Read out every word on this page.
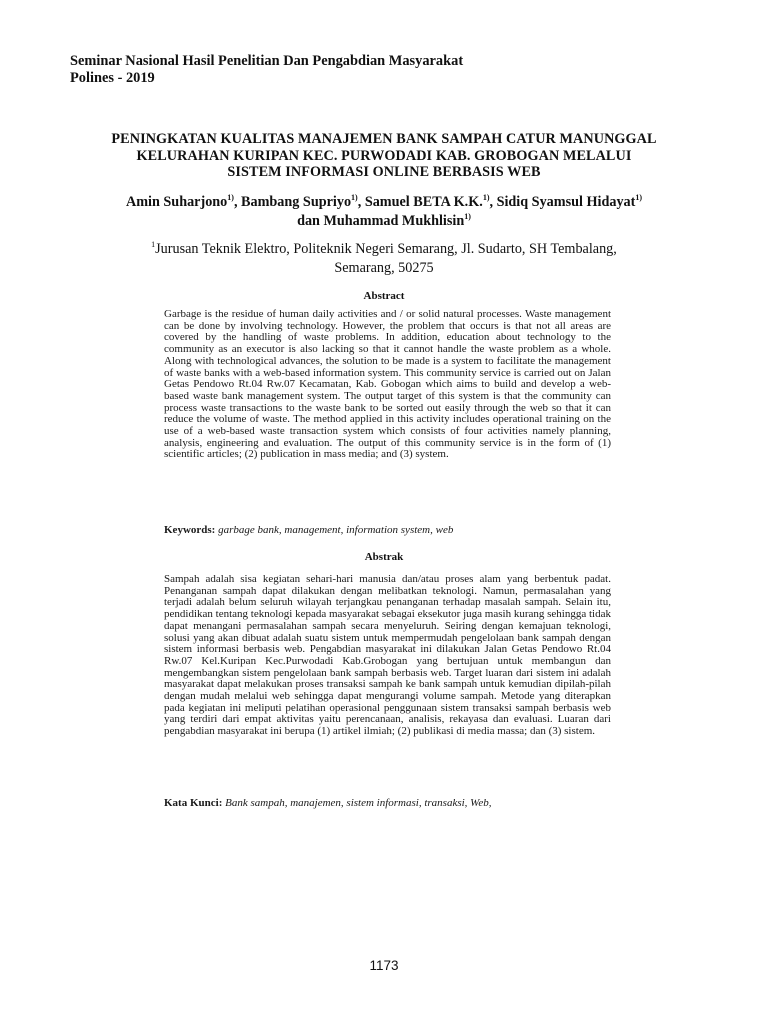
Seminar Nasional Hasil Penelitian Dan Pengabdian Masyarakat
Polines - 2019
PENINGKATAN KUALITAS MANAJEMEN BANK SAMPAH CATUR MANUNGGAL KELURAHAN KURIPAN KEC. PURWODADI KAB. GROBOGAN MELALUI SISTEM INFORMASI ONLINE BERBASIS WEB
Amin Suharjono$^{1)}$, Bambang Supriyo$^{1)}$, Samuel BETA K.K.$^{1)}$, Sidiq Syamsul Hidayat$^{1)}$ dan Muhammad Mukhlisin$^{1)}$
$^1$Jurusan Teknik Elektro, Politeknik Negeri Semarang, Jl. Sudarto, SH Tembalang, Semarang, 50275
Abstract

Garbage is the residue of human daily activities and / or solid natural processes. Waste management can be done by involving technology. However, the problem that occurs is that not all areas are covered by the handling of waste problems. In addition, education about technology to the community as an executor is also lacking so that it cannot handle the waste problem as a whole. Along with technological advances, the solution to be made is a system to facilitate the management of waste banks with a web-based information system. This community service is carried out on Jalan Getas Pendowo Rt.04 Rw.07 Kecamatan, Kab. Gobogan which aims to build and develop a web-based waste bank management system. The output target of this system is that the community can process waste transactions to the waste bank to be sorted out easily through the web so that it can reduce the volume of waste. The method applied in this activity includes operational training on the use of a web-based waste transaction system which consists of four activities namely planning, analysis, engineering and evaluation. The output of this community service is in the form of (1) scientific articles; (2) publication in mass media; and (3) system.

Keywords: garbage bank, management, information system, web
Abstrak

Sampah adalah sisa kegiatan sehari-hari manusia dan/atau proses alam yang berbentuk padat. Penanganan sampah dapat dilakukan dengan melibatkan teknologi. Namun, permasalahan yang terjadi adalah belum seluruh wilayah terjangkau penanganan terhadap masalah sampah. Selain itu, pendidikan tentang teknologi kepada masyarakat sebagai eksekutor juga masih kurang sehingga tidak dapat menangani permasalahan sampah secara menyeluruh. Seiring dengan kemajuan teknologi, solusi yang akan dibuat adalah suatu sistem untuk mempermudah pengelolaan bank sampah dengan sistem informasi berbasis web. Pengabdian masyarakat ini dilakukan Jalan Getas Pendowo Rt.04 Rw.07 Kel.Kuripan Kec.Purwodadi Kab.Grobogan yang bertujuan untuk membangun dan mengembangkan sistem pengelolaan bank sampah berbasis web. Target luaran dari sistem ini adalah masyarakat dapat melakukan proses transaksi sampah ke bank sampah untuk kemudian dipilah-pilah dengan mudah melalui web sehingga dapat mengurangi volume sampah. Metode yang diterapkan pada kegiatan ini meliputi pelatihan operasional penggunaan sistem transaksi sampah berbasis web yang terdiri dari empat aktivitas yaitu perencanaan, analisis, rekayasa dan evaluasi. Luaran dari pengabdian masyarakat ini berupa (1) artikel ilmiah; (2) publikasi di media massa; dan (3) sistem.

Kata Kunci: Bank sampah, manajemen, sistem informasi, transaksi, Web,
1173
